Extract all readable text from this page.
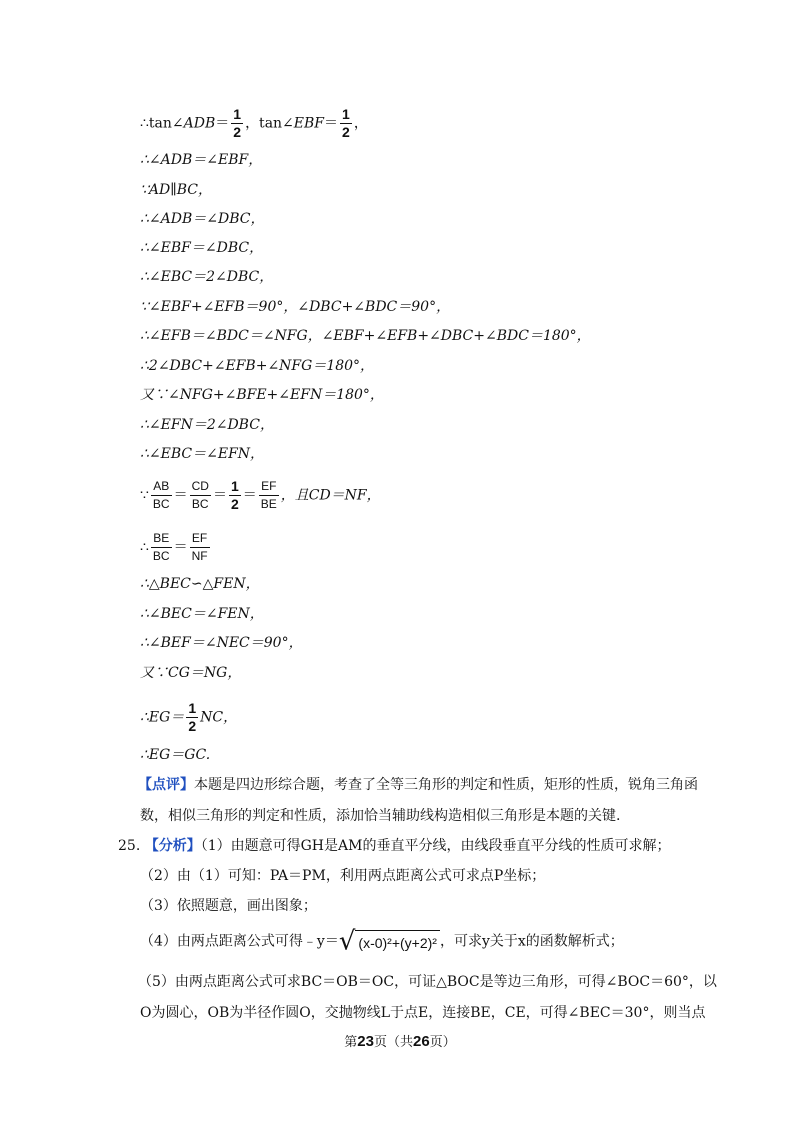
∴tan∠ADB＝ $\frac{1}{2}$ ，tan∠EBF＝ $\frac{1}{2}$ ，
∴∠ADB＝∠EBF，
∵AD∥BC，
∴∠ADB＝∠DBC，
∴∠EBF＝∠DBC，
∴∠EBC＝2∠DBC，
∵∠EBF+∠EFB＝90°，∠DBC+∠BDC＝90°，
∴∠EFB＝∠BDC＝∠NFG，∠EBF+∠EFB+∠DBC+∠BDC＝180°，
∴2∠DBC+∠EFB+∠NFG＝180°，
又∵∠NFG+∠BFE+∠EFN＝180°，
∴∠EFN＝2∠DBC，
∴∠EBC＝∠EFN，
∵ $\frac{AB}{BC} = \frac{CD}{BC} = \frac{1}{2} = \frac{EF}{BE}$ ，且CD＝NF，
∴ $\frac{BE}{BC} = \frac{EF}{NF}$
∴△BEC∽△FEN，
∴∠BEC＝∠FEN，
∴∠BEF＝∠NEC＝90°，
又∵CG＝NG，
∴EG＝ $\frac{1}{2}$ NC，
∴EG＝GC.
【点评】本题是四边形综合题，考查了全等三角形的判定和性质，矩形的性质，锐角三角函
数，相似三角形的判定和性质，添加恰当辅助线构造相似三角形是本题的关键.
25. 【分析】（1）由题意可得GH是AM的垂直平分线，由线段垂直平分线的性质可求解；
（2）由（1）可知：PA＝PM，利用两点距离公式可求点P坐标；
（3）依照题意，画出图象；
（4）由两点距离公式可得﹣y＝√ (x-0)²+(y+2)² ，可求y关于x的函数解析式；
（5）由两点距离公式可求BC＝OB＝OC，可证△BOC是等边三角形，可得∠BOC＝60°，以
O为圆心，OB为半径作圆O，交抛物线L于点E，连接BE，CE，可得∠BEC＝30°，则当点
第23页（共26页）
